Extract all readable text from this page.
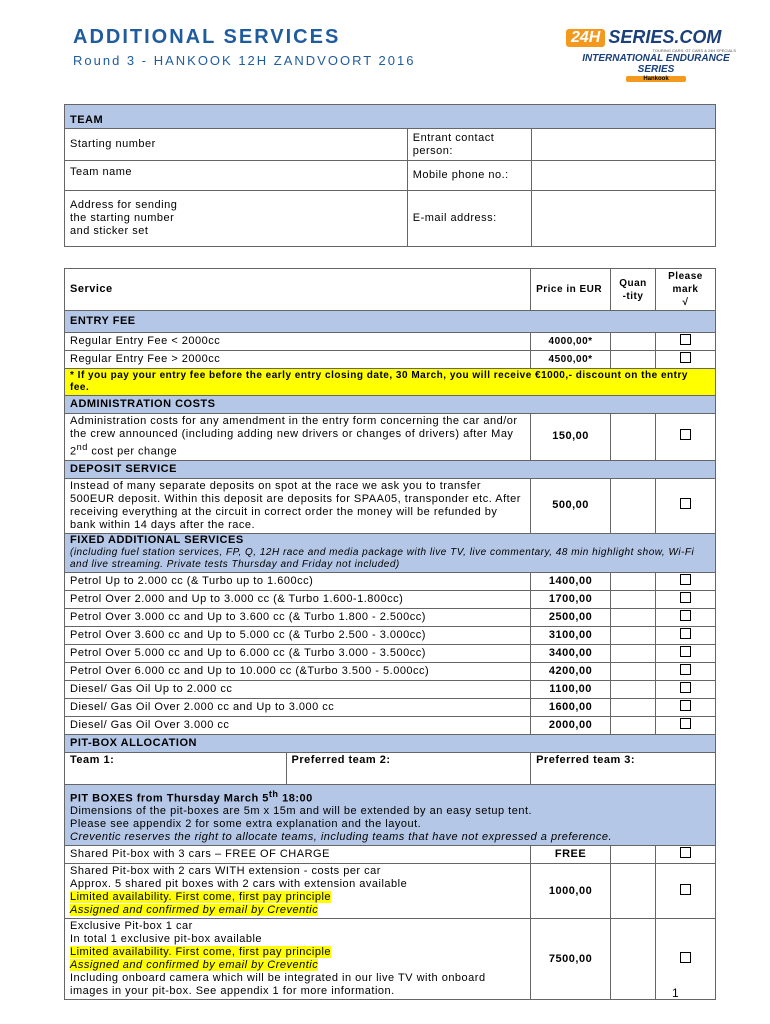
ADDITIONAL SERVICES
Round 3 - HANKOOK 12H ZANDVOORT 2016
24H SERIES.COM
TOURING CARS, GT CARS & 24H SPECIALS
INTERNATIONAL ENDURANCE SERIES
Hankook
TEAM		
Starting number	Entrant contact person:	
Team name	Mobile phone no.:	
Address for sending the starting number and sticker set	E-mail address:	
Service		Price in EUR	Quan -tity	Please mark
√
ENTRY FEE				
Regular Entry Fee < 2000cc		4000,00*		
Regular Entry Fee > 2000cc		4500,00*		
* If you pay your entry fee before the early entry closing date, 30 March, you will receive €1000,- discount on the entry fee.				
ADMINISTRATION COSTS				
Administration costs for any amendment in the entry form concerning the car and/or the crew announced (including adding new drivers or changes of drivers) after May 2nd cost per change		150,00		
DEPOSIT SERVICE				
Instead of many separate deposits on spot at the race we ask you to transfer 500EUR deposit. Within this deposit are deposits for SPAA05, transponder etc. After receiving everything at the circuit in correct order the money will be refunded by bank within 14 days after the race.		500,00		

FIXED ADDITIONAL SERVICES
(including fuel station services, FP, Q, 12H race and media package with live TV, live commentary, 48 min highlight show, Wi-Fi and live streaming. Private tests Thursday and Friday not included)				

Petrol Up to 2.000 cc (& Turbo up to 1.600cc)		1400,00		
Petrol Over 2.000 and Up to 3.000 cc (& Turbo 1.600-1.800cc)		1700,00		
Petrol Over 3.000 cc and Up to 3.600 cc (& Turbo 1.800 - 2.500cc)		2500,00		
Petrol Over 3.600 cc and Up to 5.000 cc (& Turbo 2.500 - 3.000cc)		3100,00		
Petrol Over 5.000 cc and Up to 6.000 cc (& Turbo 3.000 - 3.500cc)		3400,00		
Petrol Over 6.000 cc and Up to 10.000 cc (&Turbo 3.500 - 5.000cc)		4200,00		
Diesel/ Gas Oil Up to 2.000 cc		1100,00		
Diesel/ Gas Oil Over 2.000 cc and Up to 3.000 cc		1600,00		
Diesel/ Gas Oil Over 3.000 cc		2000,00		
PIT-BOX ALLOCATION				
Team 1:	Preferred team 2:	Preferred team 3:		

PIT BOXES from Thursday March 5th 18:00
Dimensions of the pit-boxes are 5m x 15m and will be extended by an easy setup tent.
Please see appendix 2 for some extra explanation and the layout.
Creventic reserves the right to allocate teams, including teams that have not expressed a preference.				

Shared Pit-box with 3 cars – FREE OF CHARGE		FREE		

Shared Pit-box with 2 cars WITH extension - costs per car
Approx. 5 shared pit boxes with 2 cars with extension available
Limited availability. First come, first pay principle
Assigned and confirmed by email by Creventic		1000,00		

Exclusive Pit-box 1 car
In total 1 exclusive pit-box available
Limited availability. First come, first pay principle
Assigned and confirmed by email by Creventic
Including onboard camera which will be integrated in our live TV with onboard images in your pit-box. See appendix 1 for more information.		7500,00		
1
